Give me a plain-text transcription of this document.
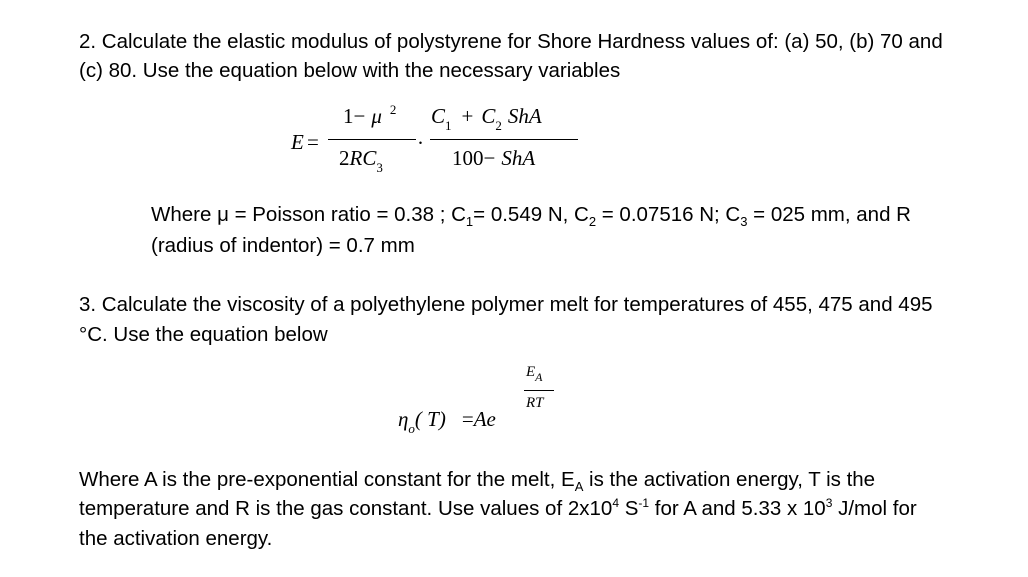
2. Calculate the elastic modulus of polystyrene for Shore Hardness values of: (a) 50, (b) 70 and
(c) 80. Use the equation below with the necessary variables
E =
1− μ $^2$
$2RC_3$
·
$C_1 + C_2$ ShA
100− ShA
Where μ = Poisson ratio = 0.38 ; $C_1= 0.549$ N, $C_2 = 0.07516$ N; $C_3 = 025$ mm, and R
(radius of indentor) = 0.7 mm
3. Calculate the viscosity of a polyethylene polymer melt for temperatures of 455, 475 and 495
°C. Use the equation below
$E_A$
RT
$\eta_o$( T) =Ae
Where A is the pre-exponential constant for the melt, $E_A$ is the activation energy, T is the
temperature and R is the gas constant. Use values of $2x10^4$ $S^{-1}$ for A and 5.33 x $10^3$ J/mol for
the activation energy.
